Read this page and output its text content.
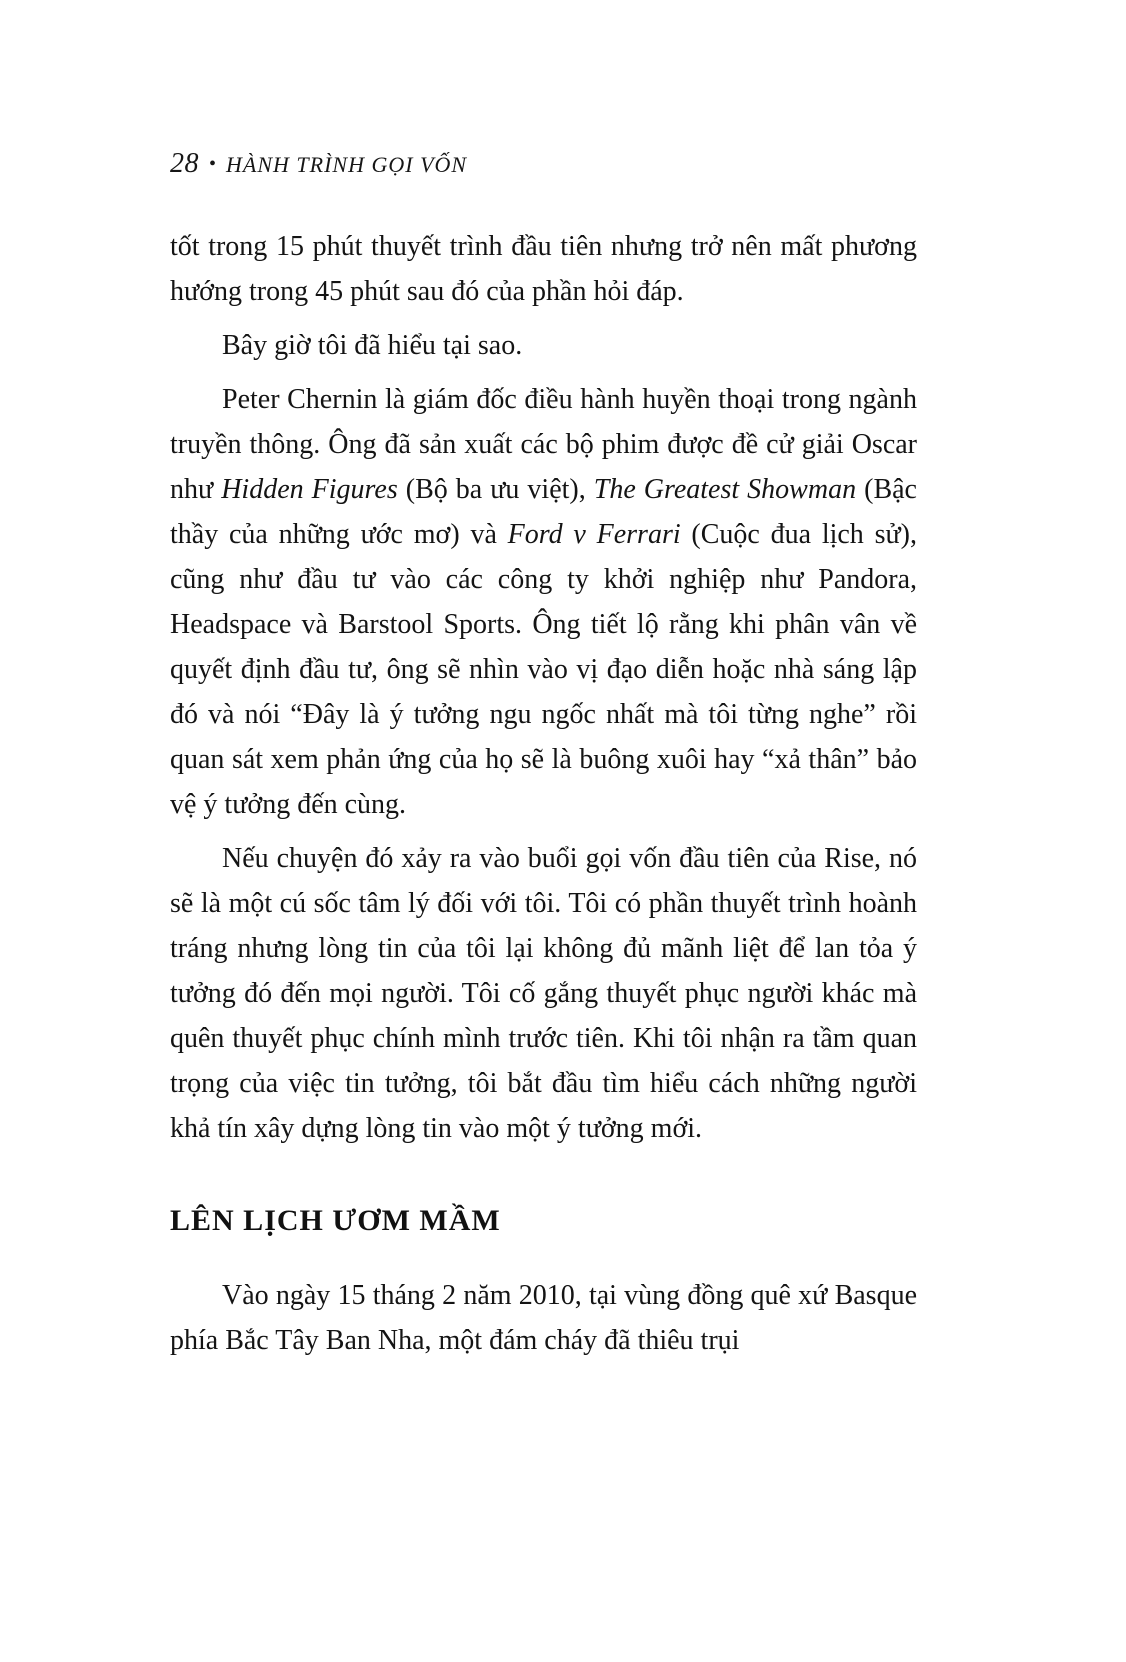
28 • HÀNH TRÌNH GỌI VỐN

tốt trong 15 phút thuyết trình đầu tiên nhưng trở nên mất phương hướng trong 45 phút sau đó của phần hỏi đáp.

Bây giờ tôi đã hiểu tại sao.

Peter Chernin là giám đốc điều hành huyền thoại trong ngành truyền thông. Ông đã sản xuất các bộ phim được đề cử giải Oscar như Hidden Figures (Bộ ba ưu việt), The Greatest Showman (Bậc thầy của những ước mơ) và Ford v Ferrari (Cuộc đua lịch sử), cũng như đầu tư vào các công ty khởi nghiệp như Pandora, Headspace và Barstool Sports. Ông tiết lộ rằng khi phân vân về quyết định đầu tư, ông sẽ nhìn vào vị đạo diễn hoặc nhà sáng lập đó và nói “Đây là ý tưởng ngu ngốc nhất mà tôi từng nghe” rồi quan sát xem phản ứng của họ sẽ là buông xuôi hay “xả thân” bảo vệ ý tưởng đến cùng.

Nếu chuyện đó xảy ra vào buổi gọi vốn đầu tiên của Rise, nó sẽ là một cú sốc tâm lý đối với tôi. Tôi có phần thuyết trình hoành tráng nhưng lòng tin của tôi lại không đủ mãnh liệt để lan tỏa ý tưởng đó đến mọi người. Tôi cố gắng thuyết phục người khác mà quên thuyết phục chính mình trước tiên. Khi tôi nhận ra tầm quan trọng của việc tin tưởng, tôi bắt đầu tìm hiểu cách những người khả tín xây dựng lòng tin vào một ý tưởng mới.

LÊN LỊCH ƯƠM MẦM

Vào ngày 15 tháng 2 năm 2010, tại vùng đồng quê xứ Basque phía Bắc Tây Ban Nha, một đám cháy đã thiêu trụi
